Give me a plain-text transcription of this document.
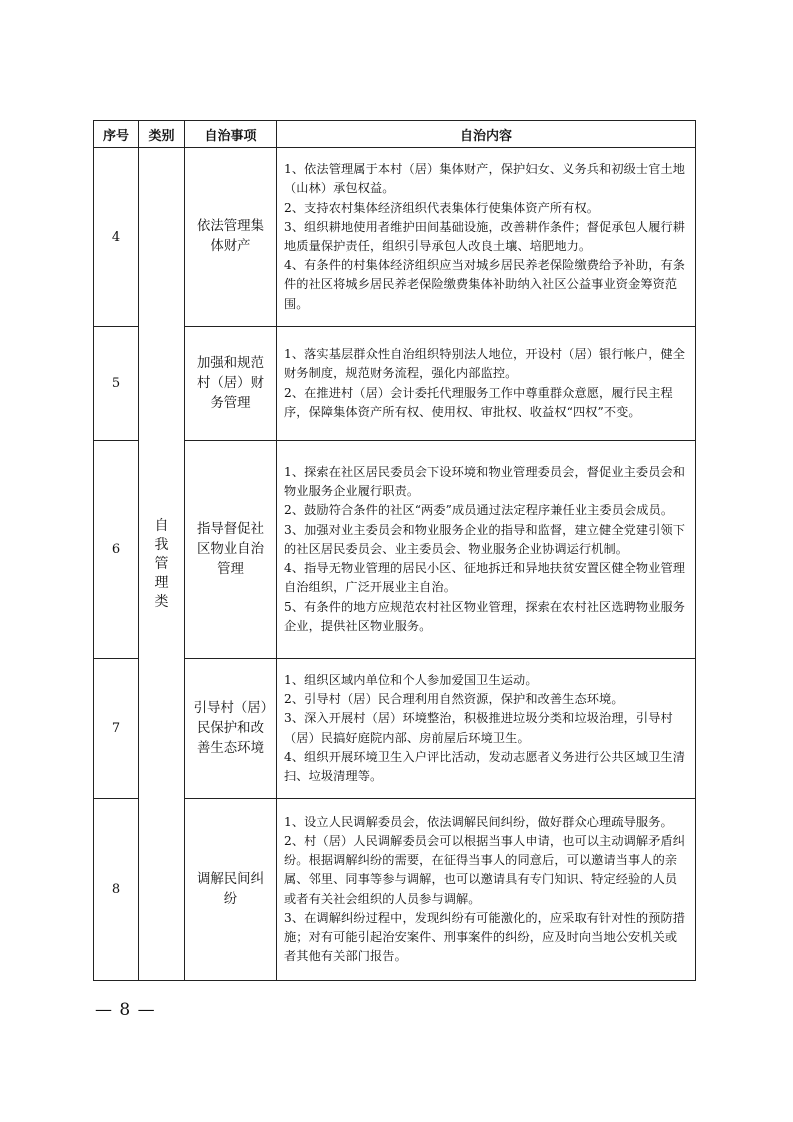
序号	类别	自治事项	自治内容
4	自我管理类	依法管理集体财产	1、依法管理属于本村（居）集体财产，保护妇女、义务兵和初级士官土地（山林）承包权益。

2、支持农村集体经济组织代表集体行使集体资产所有权。

3、组织耕地使用者维护田间基础设施，改善耕作条件；督促承包人履行耕地质量保护责任，组织引导承包人改良土壤、培肥地力。

4、有条件的村集体经济组织应当对城乡居民养老保险缴费给予补助，有条件的社区将城乡居民养老保险缴费集体补助纳入社区公益事业资金筹资范围。

5		加强和规范村（居）财务管理	1、落实基层群众性自治组织特别法人地位，开设村（居）银行帐户，健全财务制度，规范财务流程，强化内部监控。

2、在推进村（居）会计委托代理服务工作中尊重群众意愿，履行民主程序，保障集体资产所有权、使用权、审批权、收益权“四权”不变。

6		指导督促社区物业自治管理	1、探索在社区居民委员会下设环境和物业管理委员会，督促业主委员会和物业服务企业履行职责。

2、鼓励符合条件的社区“两委”成员通过法定程序兼任业主委员会成员。

3、加强对业主委员会和物业服务企业的指导和监督，建立健全党建引领下的社区居民委员会、业主委员会、物业服务企业协调运行机制。

4、指导无物业管理的居民小区、征地拆迁和异地扶贫安置区健全物业管理自治组织，广泛开展业主自治。

5、有条件的地方应规范农村社区物业管理，探索在农村社区选聘物业服务企业，提供社区物业服务。

7		引导村（居）民保护和改善生态环境	1、组织区域内单位和个人参加爱国卫生运动。

2、引导村（居）民合理利用自然资源，保护和改善生态环境。

3、深入开展村（居）环境整治，积极推进垃圾分类和垃圾治理，引导村（居）民搞好庭院内部、房前屋后环境卫生。

4、组织开展环境卫生入户评比活动，发动志愿者义务进行公共区域卫生清扫、垃圾清理等。

8		调解民间纠纷	1、设立人民调解委员会，依法调解民间纠纷，做好群众心理疏导服务。

2、村（居）人民调解委员会可以根据当事人申请，也可以主动调解矛盾纠纷。根据调解纠纷的需要，在征得当事人的同意后，可以邀请当事人的亲属、邻里、同事等参与调解，也可以邀请具有专门知识、特定经验的人员或者有关社会组织的人员参与调解。

3、在调解纠纷过程中，发现纠纷有可能激化的，应采取有针对性的预防措施；对有可能引起治安案件、刑事案件的纠纷，应及时向当地公安机关或者其他有关部门报告。

— 8 —
